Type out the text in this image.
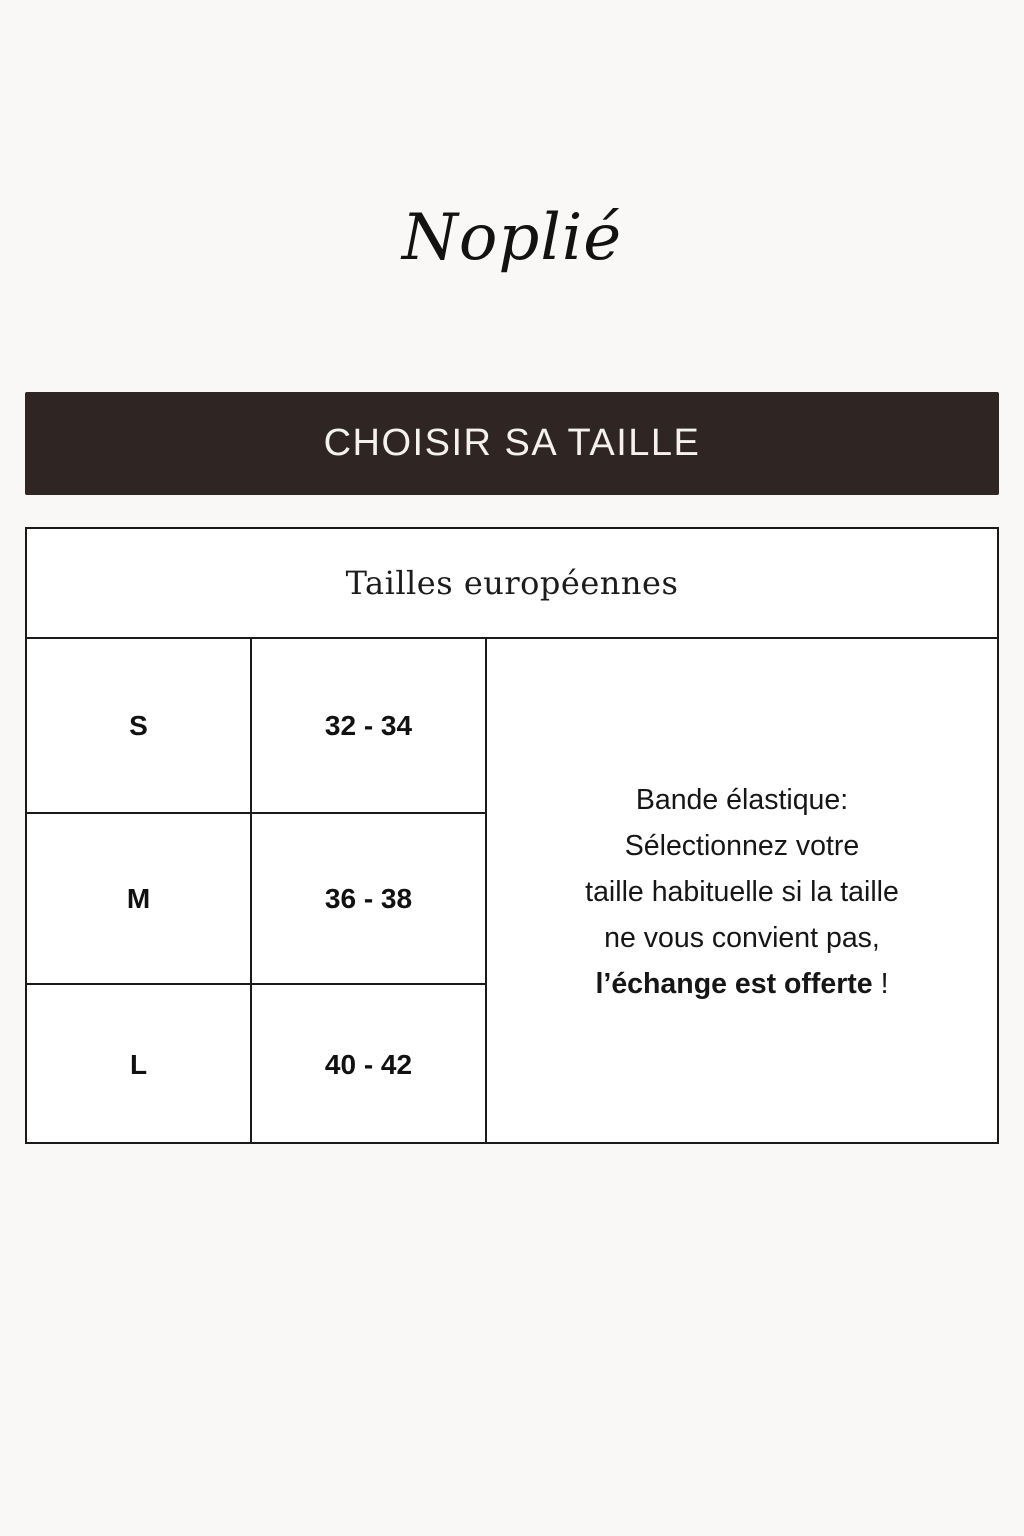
Noplié
CHOISIR SA TAILLE
Tailles européennes
S	32 - 34
M	36 - 38
L	40 - 42
Bande élastique:
Sélectionnez votre
taille habituelle si la taille
ne vous convient pas,
l’échange est offerte !
